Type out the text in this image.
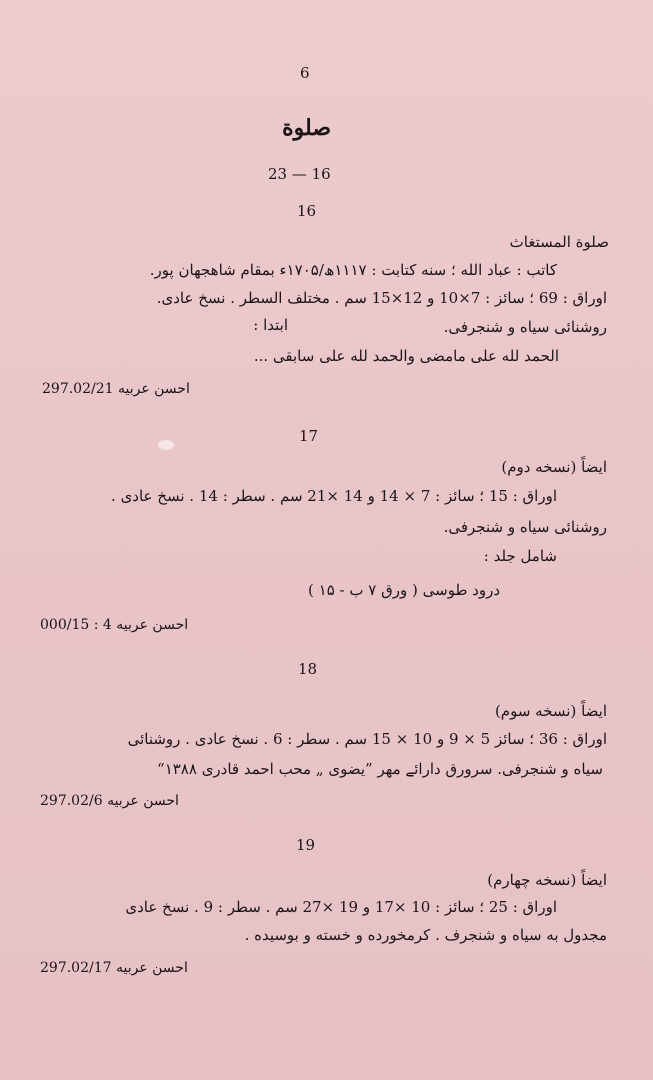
6
صلوة
23 — 16
16
صلوة المستغاث
کاتب : عباد الله ؛ سنه کتابت : ۱۱۱۷ھ/۱۷۰۵ء بمقام شاهجهان پور.
اوراق : 69 ؛ سائز : 7×10 و 12×15 سم . مختلف السطر . نسخ عادی.
روشنائی سیاه و شنجرفی.
ابتدا :
الحمد لله علی مامضی والحمد لله علی سابقی ...
احسن عربیه 297.02/21
17
ایضاً (نسخه دوم)
اوراق : 15 ؛ سائز : 7 × 14 و 14 ×21 سم . سطر : 14 . نسخ عادی .
روشنائی سیاه و شنجرفی.
شامل جلد :
درود طوسی ( ورق ۷ ب - ۱۵ )
احسن عربیه 4 : 000/15
18
ایضاً (نسخه سوم)
اوراق : 36 ؛ سائز 5 × 9 و 10 × 15 سم . سطر : 6 . نسخ عادی . روشنائی
سیاه و شنجرفی. سرورق دارائے مهر ”یضوی „ محب احمد قادری ۱۳۸۸“
احسن عربیه 297.02/6
19
ایضاً (نسخه چهارم)
اوراق : 25 ؛ سائز : 10 ×17 و 19 ×27 سم . سطر : 9 . نسخ عادی
مجدول به سیاه و شنجرف . کرمخورده و خسته و بوسیده .
احسن عربیه 297.02/17
